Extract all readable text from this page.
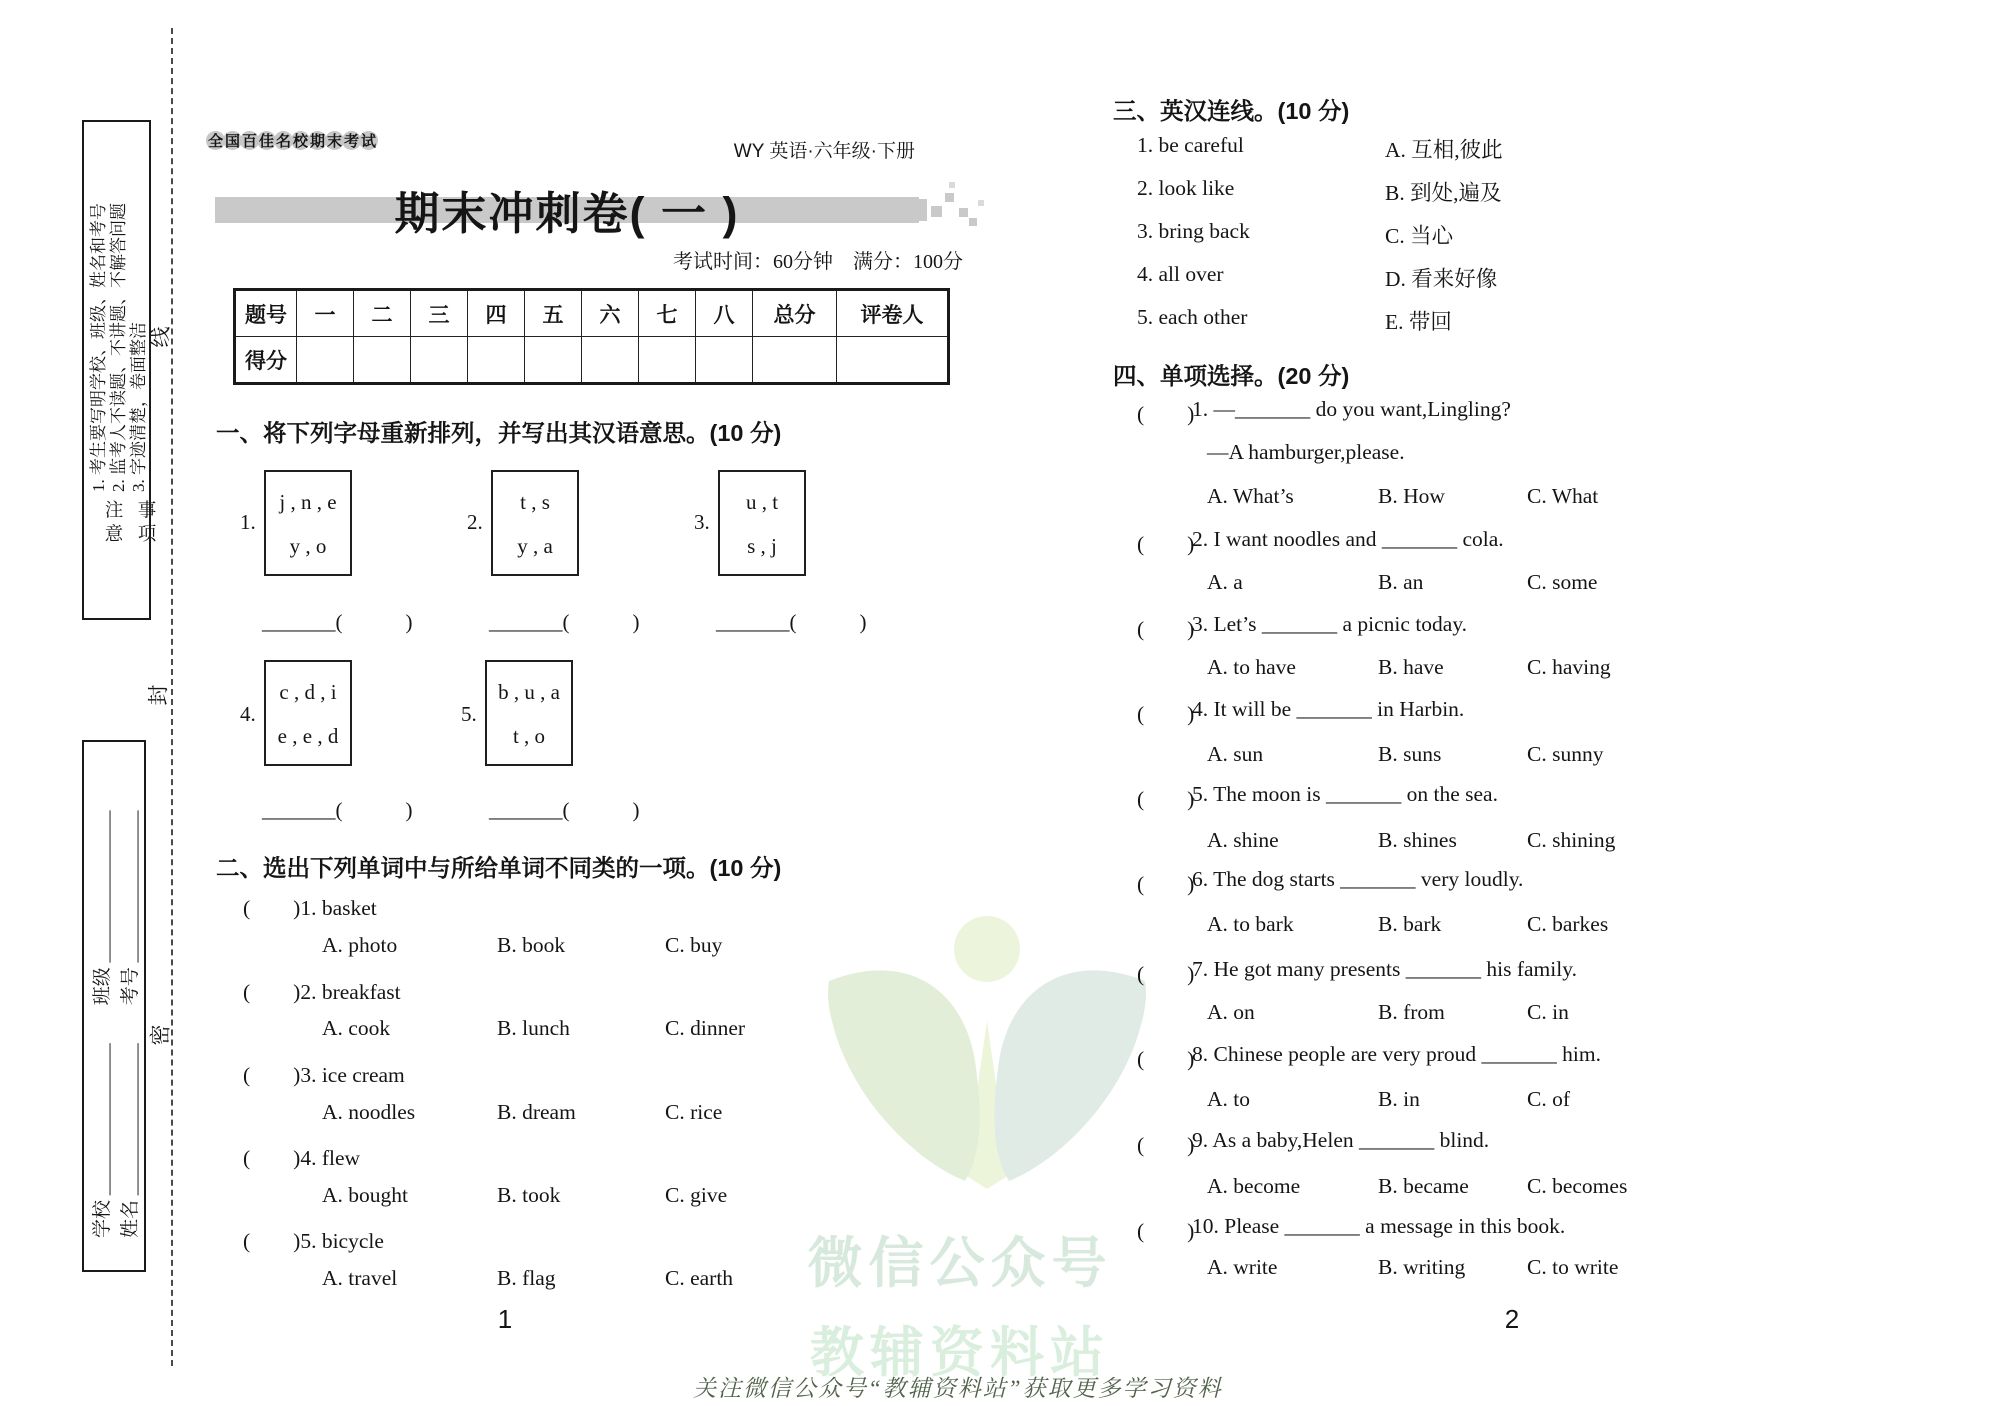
微信公众号
教辅资料站
关注微信公众号“教辅资料站”获取更多学习资料
线
封
密
1. 考生要写明学校、班级、姓名和考号 2. 监考人不读题、不讲题、不解答问题 3. 字迹清楚，卷面整洁
注意 事项
学校 ________________　　班级 ________________ 姓名 ________________　　考号 ________________
全 国 百 佳 名 校 期 末 考 试	WY 英语·六年级·下册
期末冲刺卷( 一 )
考试时间：60分钟　满分：100分
题号	一	二	三	四	五	六	七	八	总分	评卷人
得分										
一、将下列字母重新排列，并写出其汉语意思。(10 分)
1.
j , n , e
y , o
2.
t , s
y , a
3.
u , t
s , j
_______(　　　)	_______(　　　)	_______(　　　)
4.
c , d , i
e , e , d
5.
b , u , a
t , o
_______(　　　)	_______(　　　)
二、选出下列单词中与所给单词不同类的一项。(10 分)
(　　)1. basket
A. photo	B. book	C. buy
(　　)2. breakfast
A. cook	B. lunch	C. dinner
(　　)3. ice cream
A. noodles	B. dream	C. rice
(　　)4. flew
A. bought	B. took	C. give
(　　)5. bicycle
A. travel	B. flag	C. earth
1
三、英汉连线。(10 分)
1. be careful	A. 互相,彼此
2. look like	B. 到处,遍及
3. bring back	C. 当心
4. all over	D. 看来好像
5. each other	E. 带回
四、单项选择。(20 分)
(　　)
1. —_______ do you want,Lingling?
—A hamburger,please.
A. What’s	B. How	C. What
(　　)
2. I want noodles and _______ cola.
A. a	B. an	C. some
(　　)
3. Let’s _______ a picnic today.
A. to have	B. have	C. having
(　　)
4. It will be _______ in Harbin.
A. sun	B. suns	C. sunny
(　　)
5. The moon is _______ on the sea.
A. shine	B. shines	C. shining
(　　)
6. The dog starts _______ very loudly.
A. to bark	B. bark	C. barkes
(　　)
7. He got many presents _______ his family.
A. on	B. from	C. in
(　　)
8. Chinese people are very proud _______ him.
A. to	B. in	C. of
(　　)
9. As a baby,Helen _______ blind.
A. become	B. became	C. becomes
(　　)
10. Please _______ a message in this book.
A. write	B. writing	C. to write
2
